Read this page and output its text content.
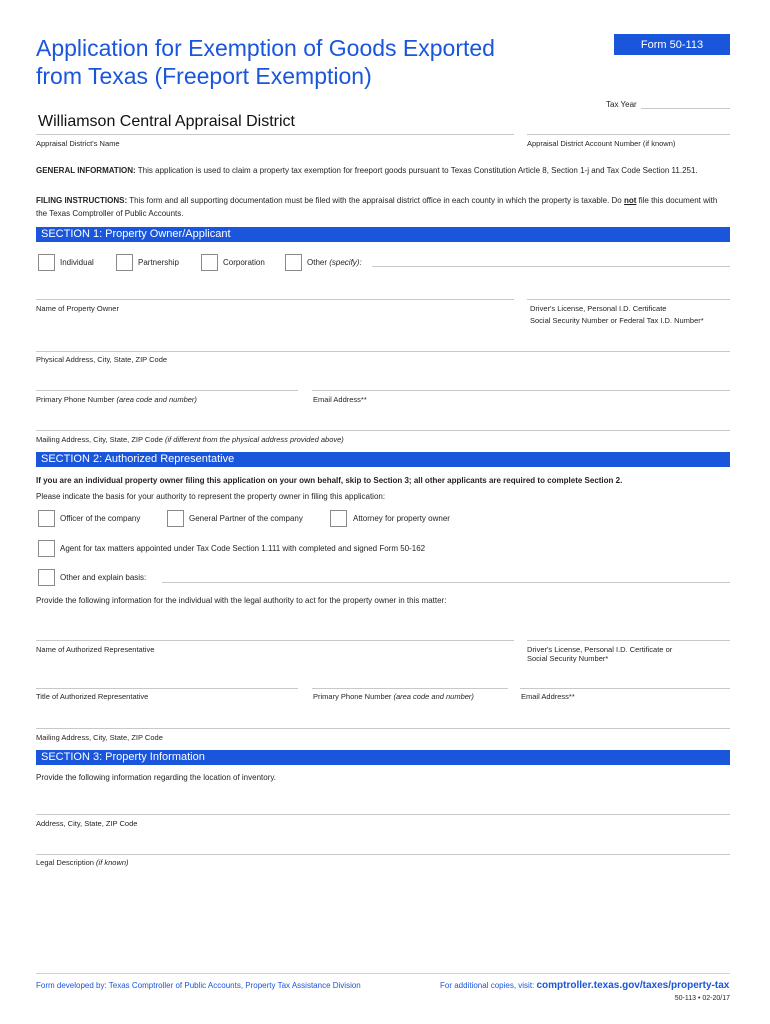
Application for Exemption of Goods Exported from Texas (Freeport Exemption)
Form 50-113
Tax Year
Williamson Central Appraisal District
Appraisal District's Name	Appraisal District Account Number (if known)
GENERAL INFORMATION: This application is used to claim a property tax exemption for freeport goods pursuant to Texas Constitution Article 8, Section 1-j and Tax Code Section 11.251.
FILING INSTRUCTIONS: This form and all supporting documentation must be filed with the appraisal district office in each county in which the property is taxable. Do not file this document with the Texas Comptroller of Public Accounts.
SECTION 1: Property Owner/Applicant
Individual	Partnership	Corporation	Other (specify):
Name of Property Owner	Driver's License, Personal I.D. Certificate
Social Security Number or Federal Tax I.D. Number*
Physical Address, City, State, ZIP Code
Primary Phone Number (area code and number)	Email Address**
Mailing Address, City, State, ZIP Code (if different from the physical address provided above)
SECTION 2: Authorized Representative
If you are an individual property owner filing this application on your own behalf, skip to Section 3; all other applicants are required to complete Section 2.
Please indicate the basis for your authority to represent the property owner in filing this application:
Officer of the company	General Partner of the company	Attorney for property owner
Agent for tax matters appointed under Tax Code Section 1.111 with completed and signed Form 50-162
Other and explain basis:
Provide the following information for the individual with the legal authority to act for the property owner in this matter:
Name of Authorized Representative	Driver's License, Personal I.D. Certificate or
Social Security Number*
Title of Authorized Representative	Primary Phone Number (area code and number)	Email Address**
Mailing Address, City, State, ZIP Code
SECTION 3: Property Information
Provide the following information regarding the location of inventory.
Address, City, State, ZIP Code
Legal Description (if known)
Form developed by: Texas Comptroller of Public Accounts, Property Tax Assistance Division	For additional copies, visit: comptroller.texas.gov/taxes/property-tax
50-113 • 02-20/17
